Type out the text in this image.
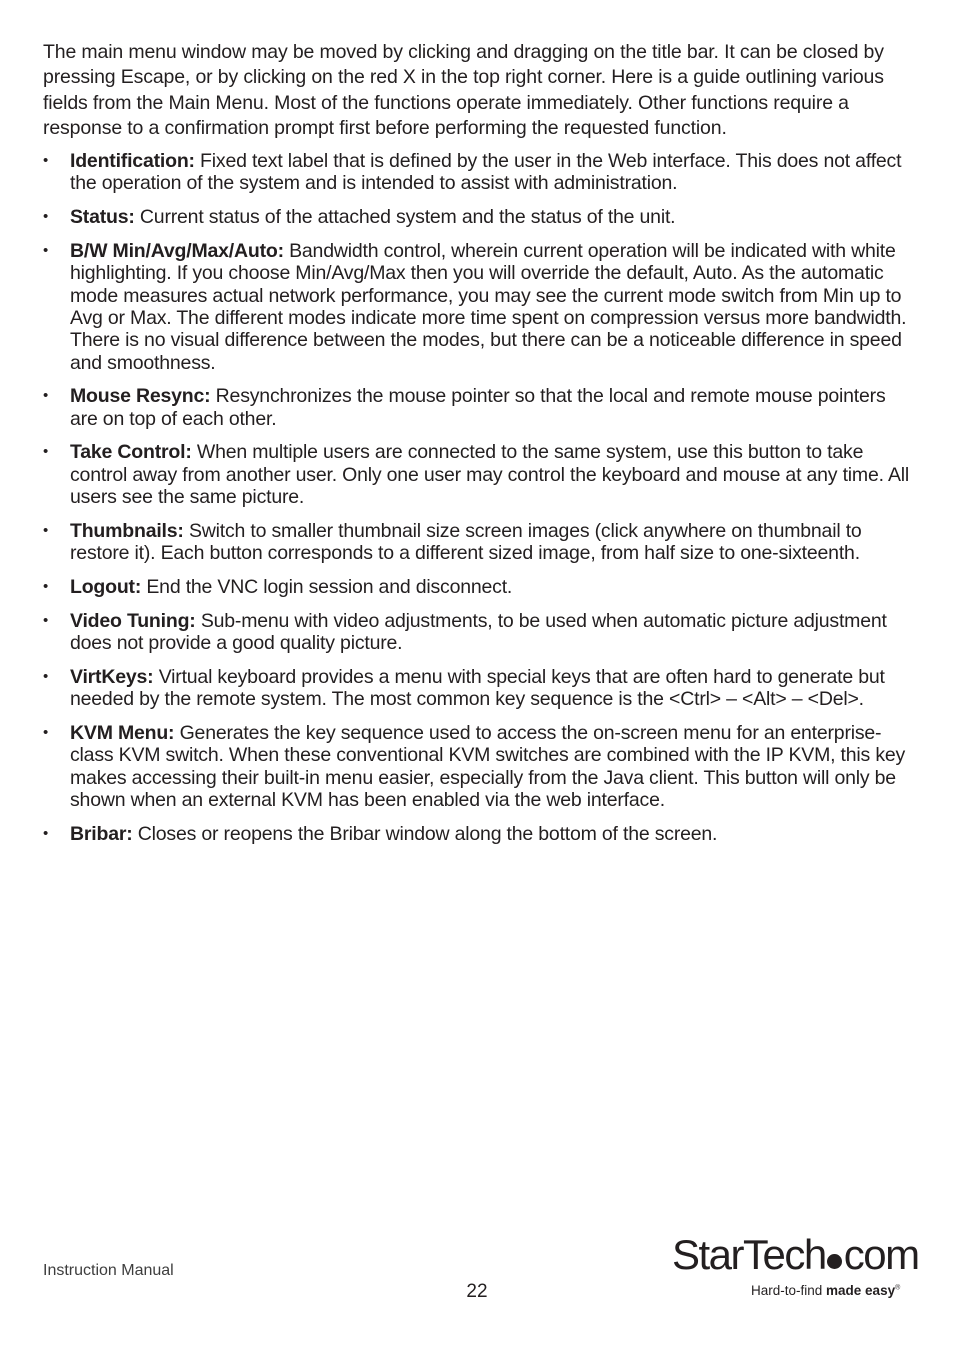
The main menu window may be moved by clicking and dragging on the title bar. It can be closed by pressing Escape, or by clicking on the red X in the top right corner. Here is a guide outlining various fields from the Main Menu. Most of the functions operate immediately. Other functions require a response to a confirmation prompt first before performing the requested function.

• Identification: Fixed text label that is defined by the user in the Web interface. This does not affect the operation of the system and is intended to assist with administration.
• Status: Current status of the attached system and the status of the unit.
• B/W Min/Avg/Max/Auto: Bandwidth control, wherein current operation will be indicated with white highlighting. If you choose Min/Avg/Max then you will override the default, Auto. As the automatic mode measures actual network performance, you may see the current mode switch from Min up to Avg or Max. The different modes indicate more time spent on compression versus more bandwidth. There is no visual difference between the modes, but there can be a noticeable difference in speed and smoothness.
• Mouse Resync: Resynchronizes the mouse pointer so that the local and remote mouse pointers are on top of each other.
• Take Control: When multiple users are connected to the same system, use this button to take control away from another user. Only one user may control the keyboard and mouse at any time. All users see the same picture.
• Thumbnails: Switch to smaller thumbnail size screen images (click anywhere on thumbnail to restore it). Each button corresponds to a different sized image, from half size to one-sixteenth.
• Logout: End the VNC login session and disconnect.
• Video Tuning: Sub-menu with video adjustments, to be used when automatic picture adjustment does not provide a good quality picture.
• VirtKeys: Virtual keyboard provides a menu with special keys that are often hard to generate but needed by the remote system. The most common key sequence is the <Ctrl> – <Alt> – <Del>.
• KVM Menu: Generates the key sequence used to access the on-screen menu for an enterprise-class KVM switch. When these conventional KVM switches are combined with the IP KVM, this key makes accessing their built-in menu easier, especially from the Java client. This button will only be shown when an external KVM has been enabled via the web interface.
• Bribar: Closes or reopens the Bribar window along the bottom of the screen.
Instruction Manual
22
StarTech com
Hard-to-find made easy®
